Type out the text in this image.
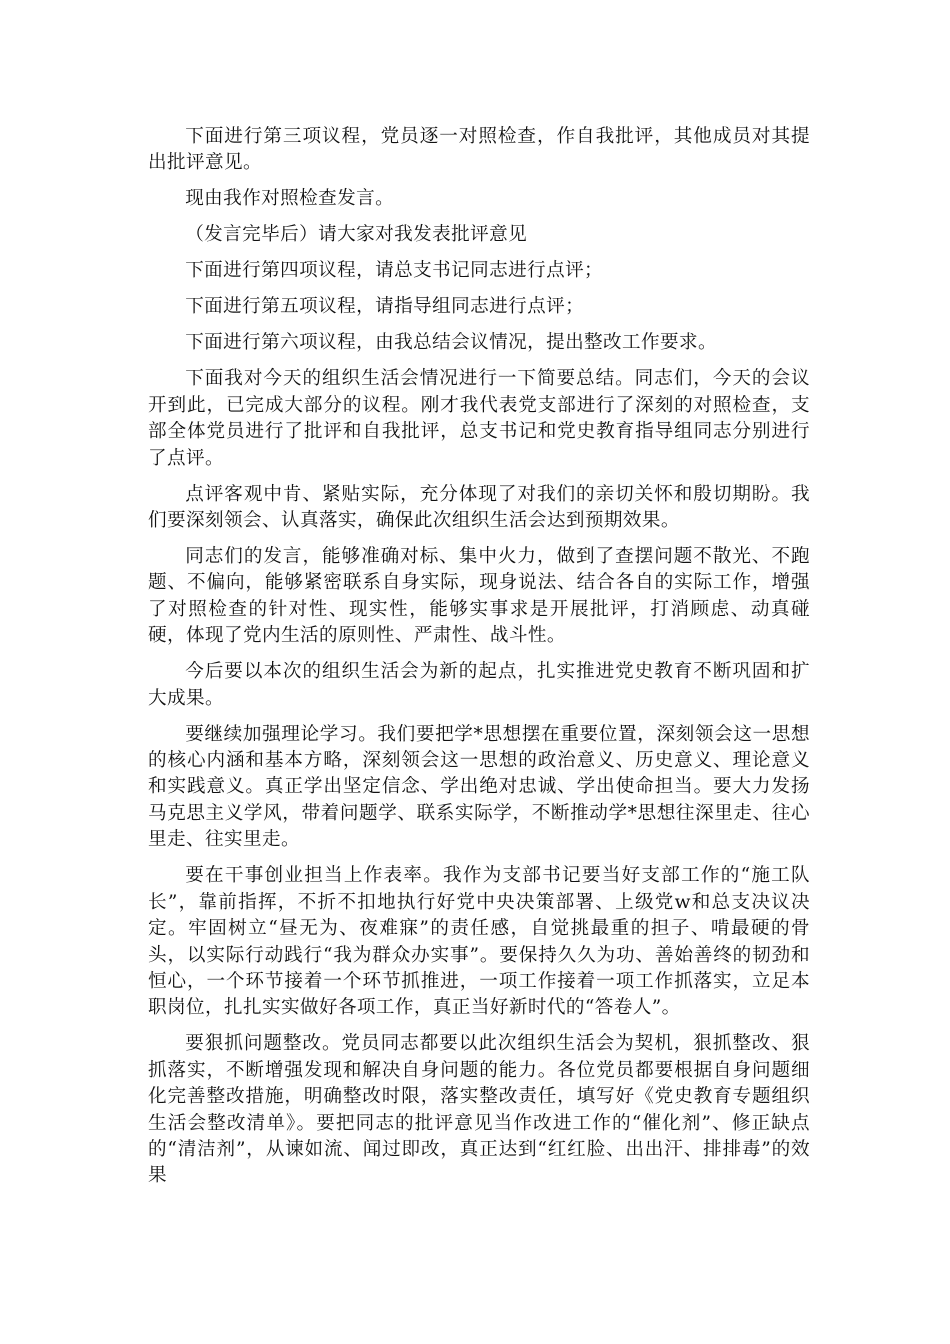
下面进行第三项议程，党员逐一对照检查，作自我批评，其他成员对其提出批评意见。

现由我作对照检查发言。

（发言完毕后）请大家对我发表批评意见

下面进行第四项议程，请总支书记同志进行点评；

下面进行第五项议程，请指导组同志进行点评；

下面进行第六项议程，由我总结会议情况，提出整改工作要求。

下面我对今天的组织生活会情况进行一下简要总结。同志们，今天的会议开到此，已完成大部分的议程。刚才我代表党支部进行了深刻的对照检查，支部全体党员进行了批评和自我批评，总支书记和党史教育指导组同志分别进行了点评。

点评客观中肯、紧贴实际，充分体现了对我们的亲切关怀和殷切期盼。我们要深刻领会、认真落实，确保此次组织生活会达到预期效果。

同志们的发言，能够准确对标、集中火力，做到了查摆问题不散光、不跑题、不偏向，能够紧密联系自身实际，现身说法、结合各自的实际工作，增强了对照检查的针对性、现实性，能够实事求是开展批评，打消顾虑、动真碰硬，体现了党内生活的原则性、严肃性、战斗性。

今后要以本次的组织生活会为新的起点，扎实推进党史教育不断巩固和扩大成果。

要继续加强理论学习。我们要把学*思想摆在重要位置，深刻领会这一思想的核心内涵和基本方略，深刻领会这一思想的政治意义、历史意义、理论意义和实践意义。真正学出坚定信念、学出绝对忠诚、学出使命担当。要大力发扬马克思主义学风，带着问题学、联系实际学，不断推动学*思想往深里走、往心里走、往实里走。

要在干事创业担当上作表率。我作为支部书记要当好支部工作的“施工队长”，靠前指挥，不折不扣地执行好党中央决策部署、上级党w和总支决议决定。牢固树立“昼无为、夜难寐”的责任感，自觉挑最重的担子、啃最硬的骨头，以实际行动践行“我为群众办实事”。要保持久久为功、善始善终的韧劲和恒心，一个环节接着一个环节抓推进，一项工作接着一项工作抓落实，立足本职岗位，扎扎实实做好各项工作，真正当好新时代的“答卷人”。

要狠抓问题整改。党员同志都要以此次组织生活会为契机，狠抓整改、狠抓落实，不断增强发现和解决自身问题的能力。各位党员都要根据自身问题细化完善整改措施，明确整改时限，落实整改责任，填写好《党史教育专题组织生活会整改清单》。要把同志的批评意见当作改进工作的“催化剂”、修正缺点的“清洁剂”，从谏如流、闻过即改，真正达到“红红脸、出出汗、排排毒”的效果
